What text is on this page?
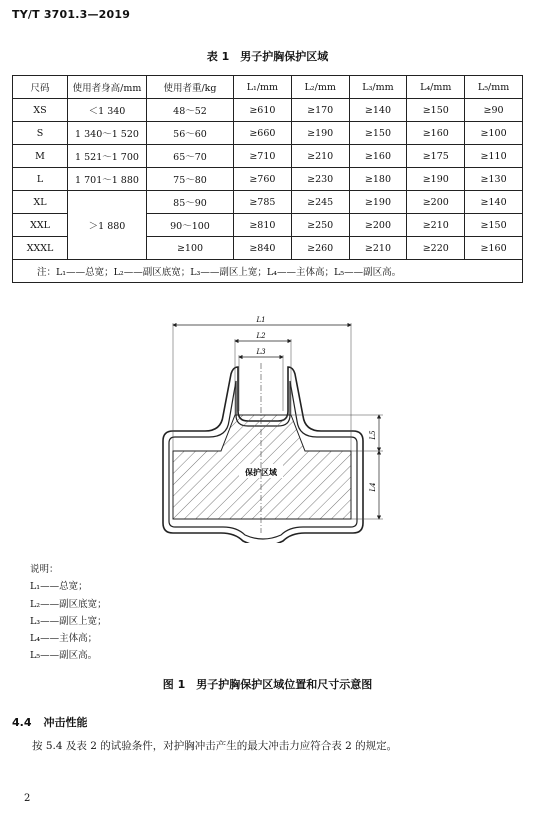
TY/T 3701.3—2019
表 1　男子护胸保护区域
尺码	使用者身高/mm	使用者重/kg	L₁/mm	L₂/mm	L₃/mm	L₄/mm	L₅/mm
XS	＜1 340	48～52	≥610	≥170	≥140	≥150	≥90
S	1 340～1 520	56～60	≥660	≥190	≥150	≥160	≥100
M	1 521～1 700	65～70	≥710	≥210	≥160	≥175	≥110
L	1 701～1 880	75～80	≥760	≥230	≥180	≥190	≥130
XL	＞1 880	85～90	≥785	≥245	≥190	≥200	≥140
XXL		90～100	≥810	≥250	≥200	≥210	≥150
XXXL		≥100	≥840	≥260	≥210	≥220	≥160
注：L₁——总宽；L₂——副区底宽；L₃——副区上宽；L₄——主体高；L₅——副区高。							
保护区域
L1
L2
L3
L5
L4
说明：
L₁——总宽；
L₂——副区底宽；
L₃——副区上宽；
L₄——主体高；
L₅——副区高。
图 1　男子护胸保护区域位置和尺寸示意图
4.4 冲击性能
按 5.4 及表 2 的试验条件，对护胸冲击产生的最大冲击力应符合表 2 的规定。
2
